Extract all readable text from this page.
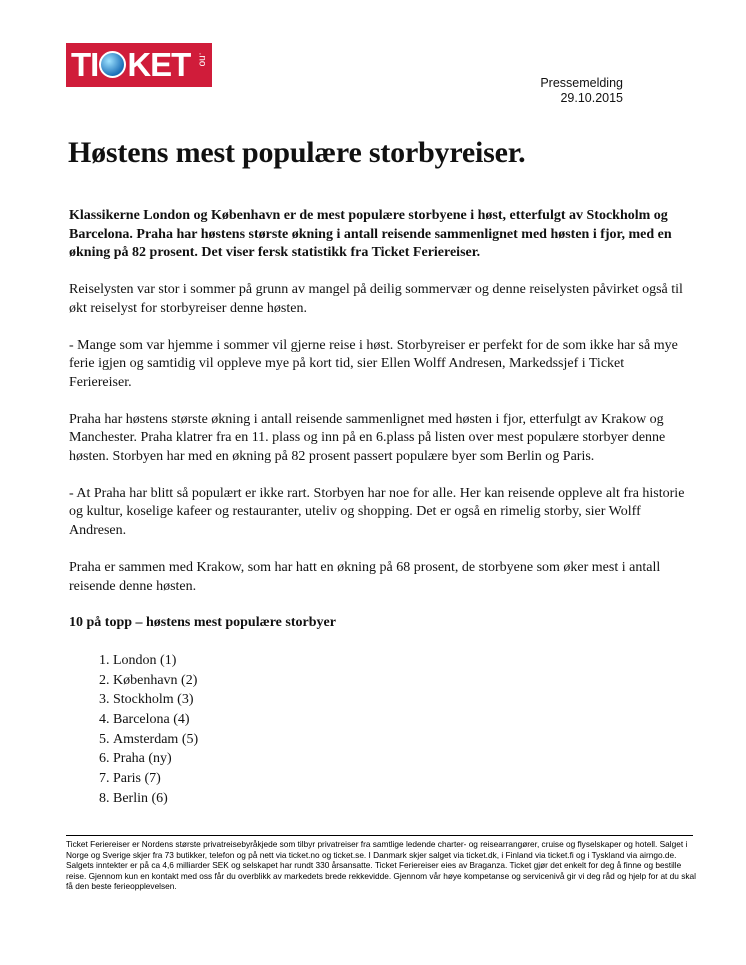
TI KET .no
Pressemelding
29.10.2015
Høstens mest populære storbyreiser.

Klassikerne London og København er de mest populære storbyene i høst, etterfulgt av Stockholm og Barcelona. Praha har høstens største økning i antall reisende sammenlignet med høsten i fjor, med en økning på 82 prosent. Det viser fersk statistikk fra Ticket Feriereiser.

Reiselysten var stor i sommer på grunn av mangel på deilig sommervær og denne reiselysten påvirket også til økt reiselyst for storbyreiser denne høsten.

- Mange som var hjemme i sommer vil gjerne reise i høst. Storbyreiser er perfekt for de som ikke har så mye ferie igjen og samtidig vil oppleve mye på kort tid, sier Ellen Wolff Andresen, Markedssjef i Ticket Feriereiser.

Praha har høstens største økning i antall reisende sammenlignet med høsten i fjor, etterfulgt av Krakow og Manchester. Praha klatrer fra en 11. plass og inn på en 6.plass på listen over mest populære storbyer denne høsten. Storbyen har med en økning på 82 prosent passert populære byer som Berlin og Paris.

- At Praha har blitt så populært er ikke rart. Storbyen har noe for alle. Her kan reisende oppleve alt fra historie og kultur, koselige kafeer og restauranter, uteliv og shopping. Det er også en rimelig storby, sier Wolff Andresen.

Praha er sammen med Krakow, som har hatt en økning på 68 prosent, de storbyene som øker mest i antall reisende denne høsten.

10 på topp – høstens mest populære storbyer

1. London (1)
2. København (2)
3. Stockholm (3)
4. Barcelona (4)
5. Amsterdam (5)
6. Praha (ny)
7. Paris (7)
8. Berlin (6)
Ticket Feriereiser er Nordens største privatreisebyråkjede som tilbyr privatreiser fra samtlige ledende charter- og reisearrangører, cruise og flyselskaper og hotell. Salget i Norge og Sverige skjer fra 73 butikker, telefon og på nett via ticket.no og ticket.se. I Danmark skjer salget via ticket.dk, i Finland via ticket.fi og i Tyskland via airngo.de. Salgets inntekter er på ca 4,6 milliarder SEK og selskapet har rundt 330 årsansatte. Ticket Feriereiser eies av Braganza. Ticket gjør det enkelt for deg å finne og bestille reise. Gjennom kun en kontakt med oss får du overblikk av markedets brede rekkevidde. Gjennom vår høye kompetanse og servicenivå gir vi deg råd og hjelp for at du skal få den beste ferieopplevelsen.
